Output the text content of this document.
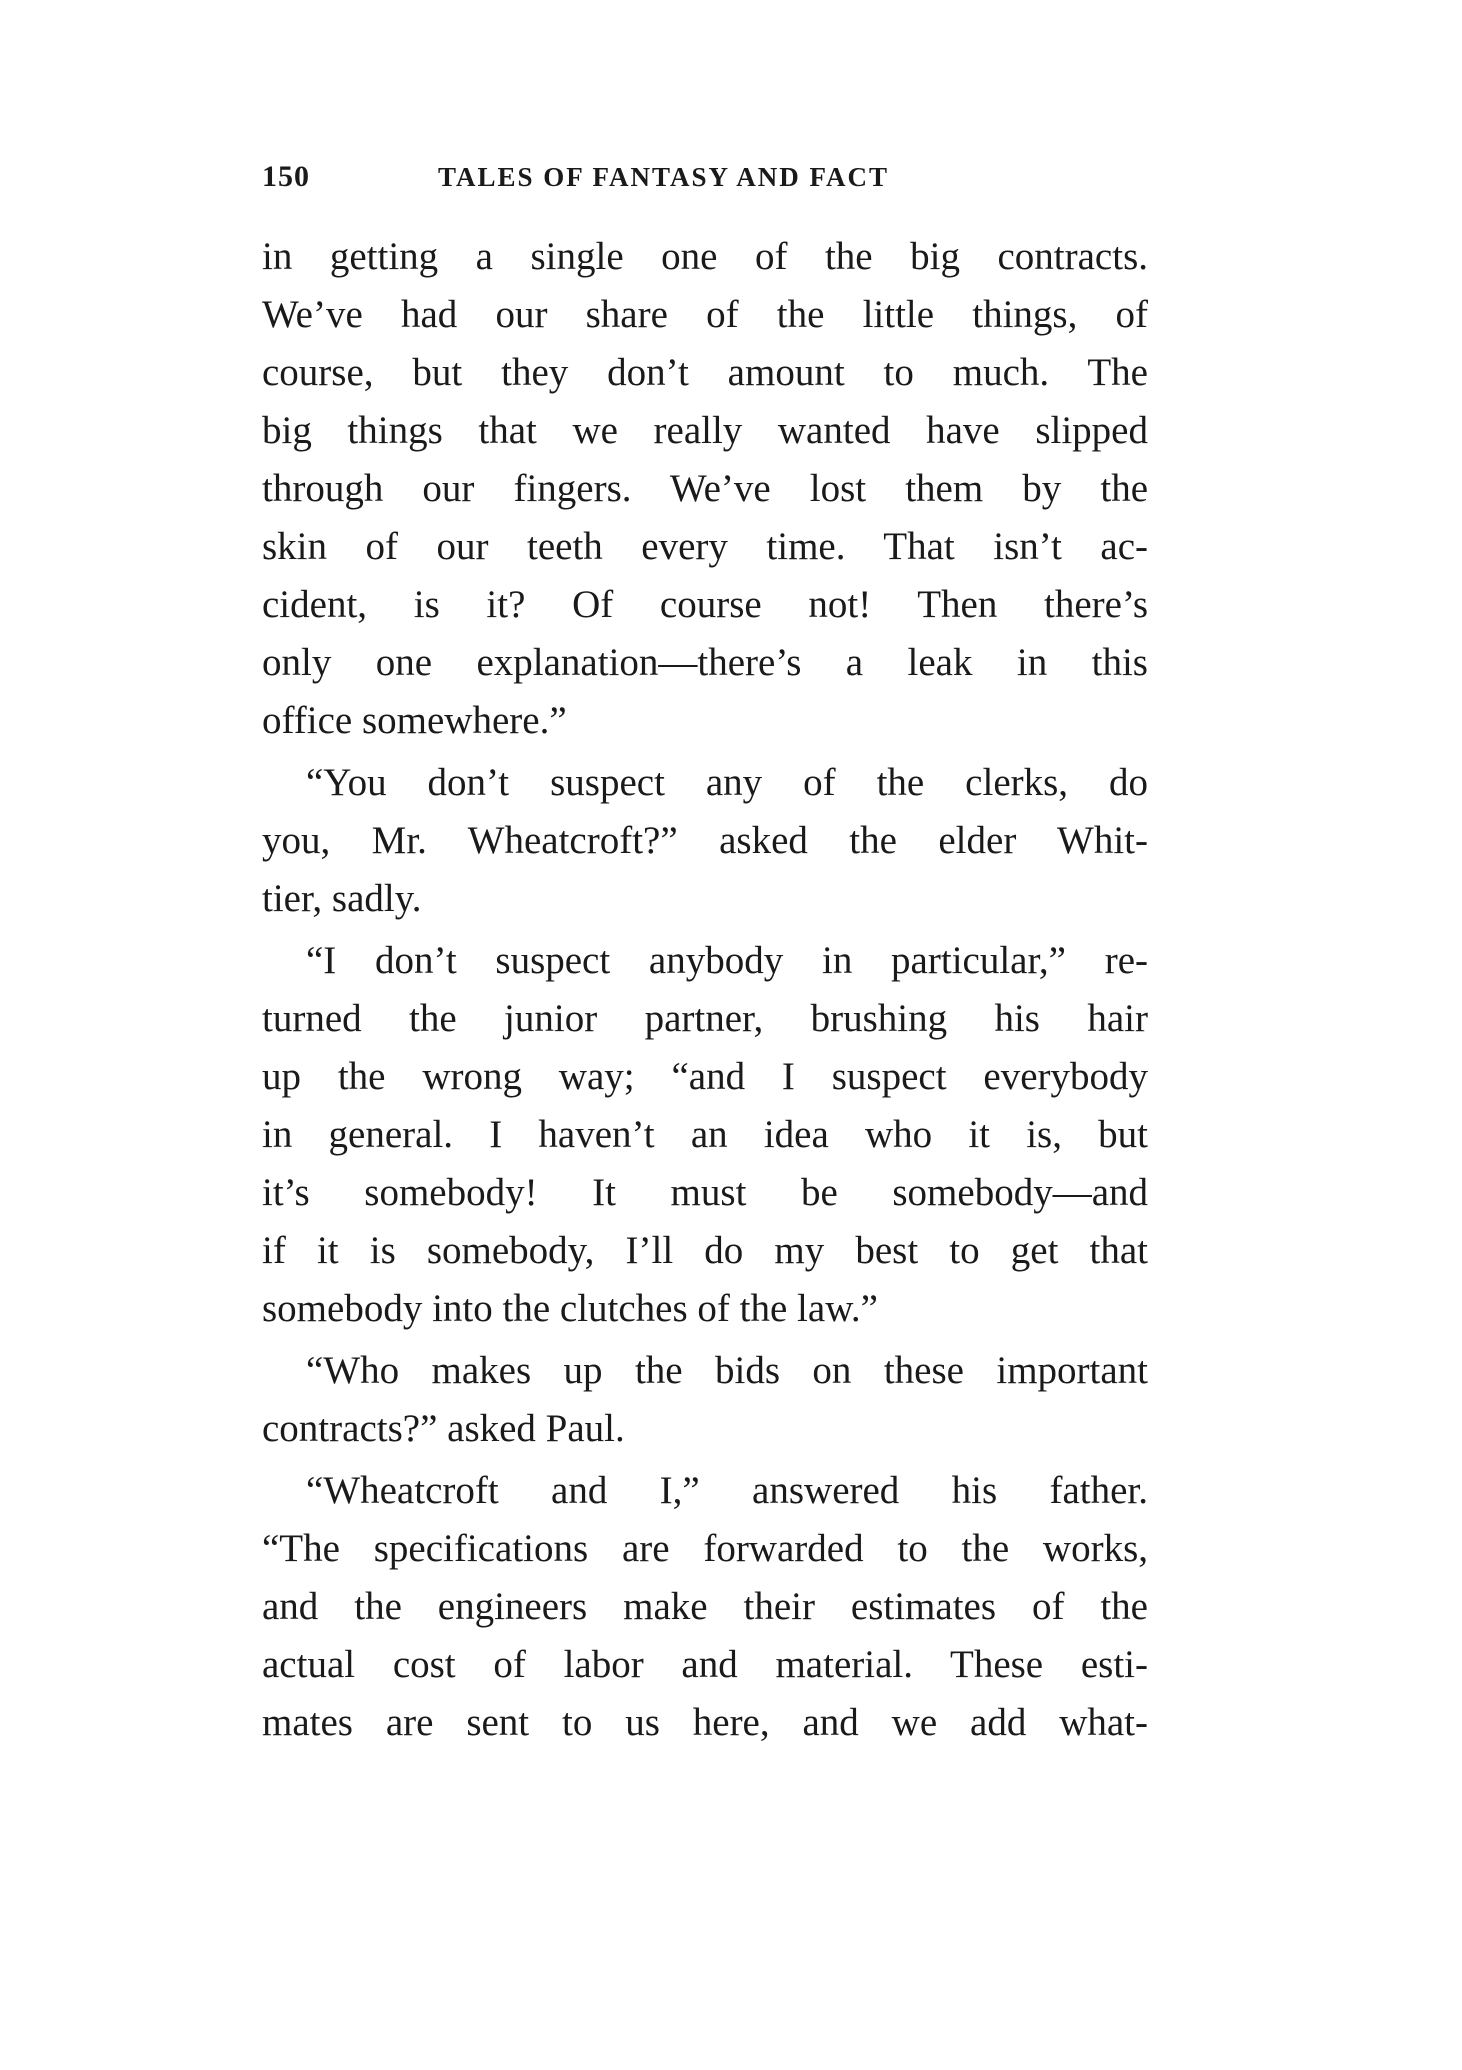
150	TALES OF FANTASY AND FACT
in getting a single one of the big contracts.
We’ve had our share of the little things, of
course, but they don’t amount to much. The
big things that we really wanted have slipped
through our fingers. We’ve lost them by the
skin of our teeth every time. That isn’t ac-
cident, is it? Of course not! Then there’s
only one explanation—there’s a leak in this
office somewhere.”
“You don’t suspect any of the clerks, do
you, Mr. Wheatcroft?” asked the elder Whit-
tier, sadly.
“I don’t suspect anybody in particular,” re-
turned the junior partner, brushing his hair
up the wrong way; “and I suspect everybody
in general. I haven’t an idea who it is, but
it’s somebody! It must be somebody—and
if it is somebody, I’ll do my best to get that
somebody into the clutches of the law.”
“Who makes up the bids on these important
contracts?” asked Paul.
“Wheatcroft and I,” answered his father.
“The specifications are forwarded to the works,
and the engineers make their estimates of the
actual cost of labor and material. These esti-
mates are sent to us here, and we add what-
